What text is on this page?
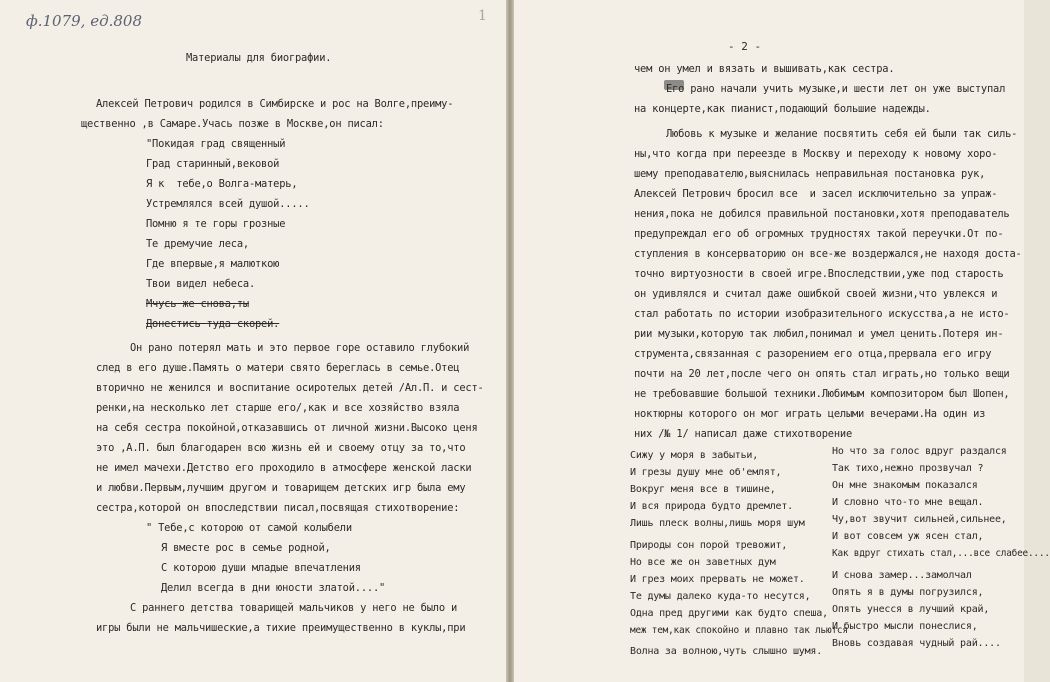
ф.1079, ед.808	1
Материалы для биографии.
Алексей Петрович родился в Симбирске и рос на Волге,преиму-
щественно ,в Самаре.Учась позже в Москве,он писал:
"Покидая град священный
Град старинный,вековой
Я к  тебе,о Волга-матерь,
Устремлялся всей душой.....
Помню я те горы грозные
Те дремучие леса,
Где впервые,я малюткою
Твои видел небеса.
Мчусь же снова,ты
Донестись туда скорей.
Он рано потерял мать и это первое горе оставило глубокий
след в его душе.Память о матери свято береглась в семье.Отец
вторично не женился и воспитание осиротелых детей /Ал.П. и сест-
ренки,на несколько лет старше его/,как и все хозяйство взяла
на себя сестра покойной,отказавшись от личной жизни.Высоко ценя
это ,А.П. был благодарен всю жизнь ей и своему отцу за то,что
не имел мачехи.Детство его проходило в атмосфере женской ласки
и любви.Первым,лучшим другом и товарищем детских игр была ему
сестра,которой он впоследствии писал,посвящая стихотворение:
" Тебе,с которою от самой колыбели
Я вместе рос в семье родной,
С которою души младые впечатления
Делил всегда в дни юности златой...."
С раннего детства товарищей мальчиков у него не было и
игры были не мальчишеские,а тихие преимущественно в куклы,при
- 2 -
чем он умел и вязать и вышивать,как сестра.
Его рано начали учить музыке,и шести лет он уже выступал
на концерте,как пианист,подающий большие надежды.
Любовь к музыке и желание посвятить себя ей были так силь-
ны,что когда при переезде в Москву и переходу к новому хоро-
шему преподавателю,выяснилась неправильная постановка рук,
Алексей Петрович бросил все  и засел исключительно за упраж-
нения,пока не добился правильной постановки,хотя преподаватель
предупреждал его об огромных трудностях такой переучки.От по-
ступления в консерваторию он все-же воздержался,не находя доста-
точно виртуозности в своей игре.Впоследствии,уже под старость
он удивлялся и считал даже ошибкой своей жизни,что увлекся и
стал работать по истории изобразительного искусства,а не исто-
рии музыки,которую так любил,понимал и умел ценить.Потеря ин-
струмента,связанная с разорением его отца,прервала его игру
почти на 20 лет,после чего он опять стал играть,но только вещи
не требовавшие большой техники.Любимым композитором был Шопен,
ноктюрны которого он мог играть целыми вечерами.На один из
них /№ 1/ написал даже стихотворение
Сижу у моря в забытьи,
И грезы душу мне об'емлят,
Вокруг меня все в тишине,
И вся природа будто дремлет.
Лишь плеск волны,лишь моря шум
Природы сон порой тревожит,
Но все же он заветных дум
И грез моих прервать не может.
Те думы далеко куда-то несутся,
Одна пред другими как будто спеша,
меж тем,как спокойно и плавно так льются
Волна за волною,чуть слышно шумя.
Но что за голос вдруг раздался
Так тихо,нежно прозвучал ?
Он мне знакомым показался
И словно что-то мне вещал.
Чу,вот звучит сильней,сильнее,
И вот совсем уж ясен стал,
Как вдруг стихать стал,...все слабее....
И снова замер...замолчал
Опять я в думы погрузился,
Опять унесся в лучший край,
И быстро мысли понеслися,
Вновь создавая чудный рай....
